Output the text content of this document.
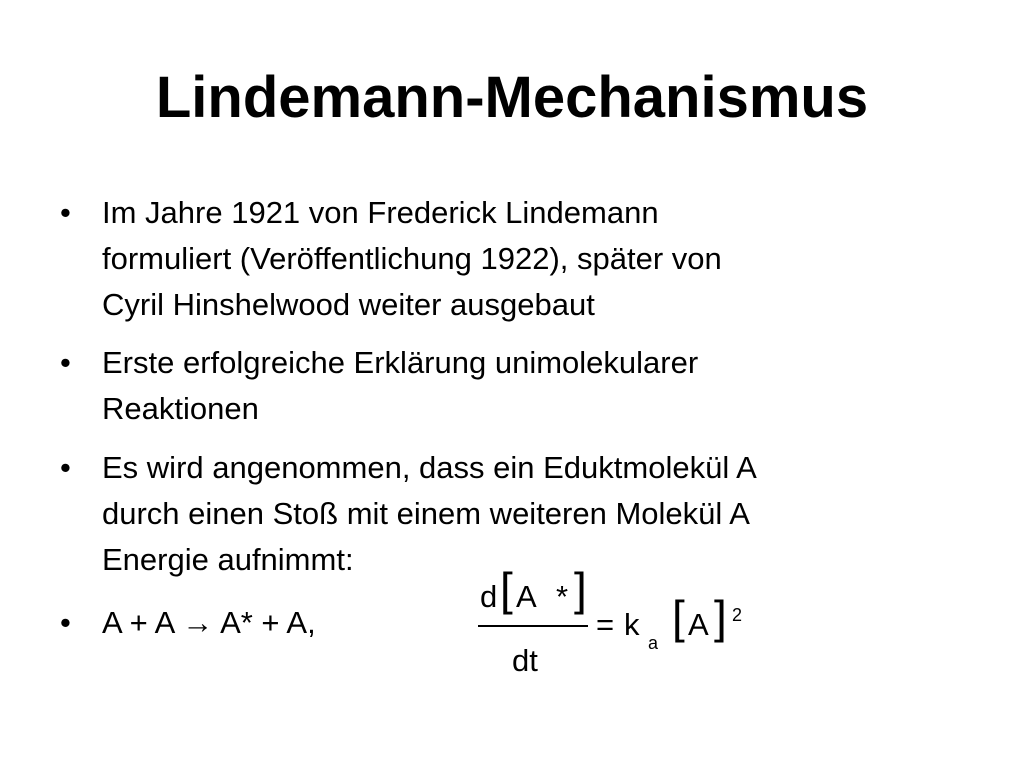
Lindemann-Mechanismus
• Im Jahre 1921 von Frederick Lindemann
formuliert (Veröffentlichung 1922), später von
Cyril Hinshelwood weiter ausgebaut
• Erste erfolgreiche Erklärung unimolekularer
Reaktionen
• Es wird angenommen, dass ein Eduktmolekül A
durch einen Stoß mit einem weiteren Molekül A
Energie aufnimmt:
• A + A → A* + A,
d [ A * ]
dt
= k
a [ A ] 2
